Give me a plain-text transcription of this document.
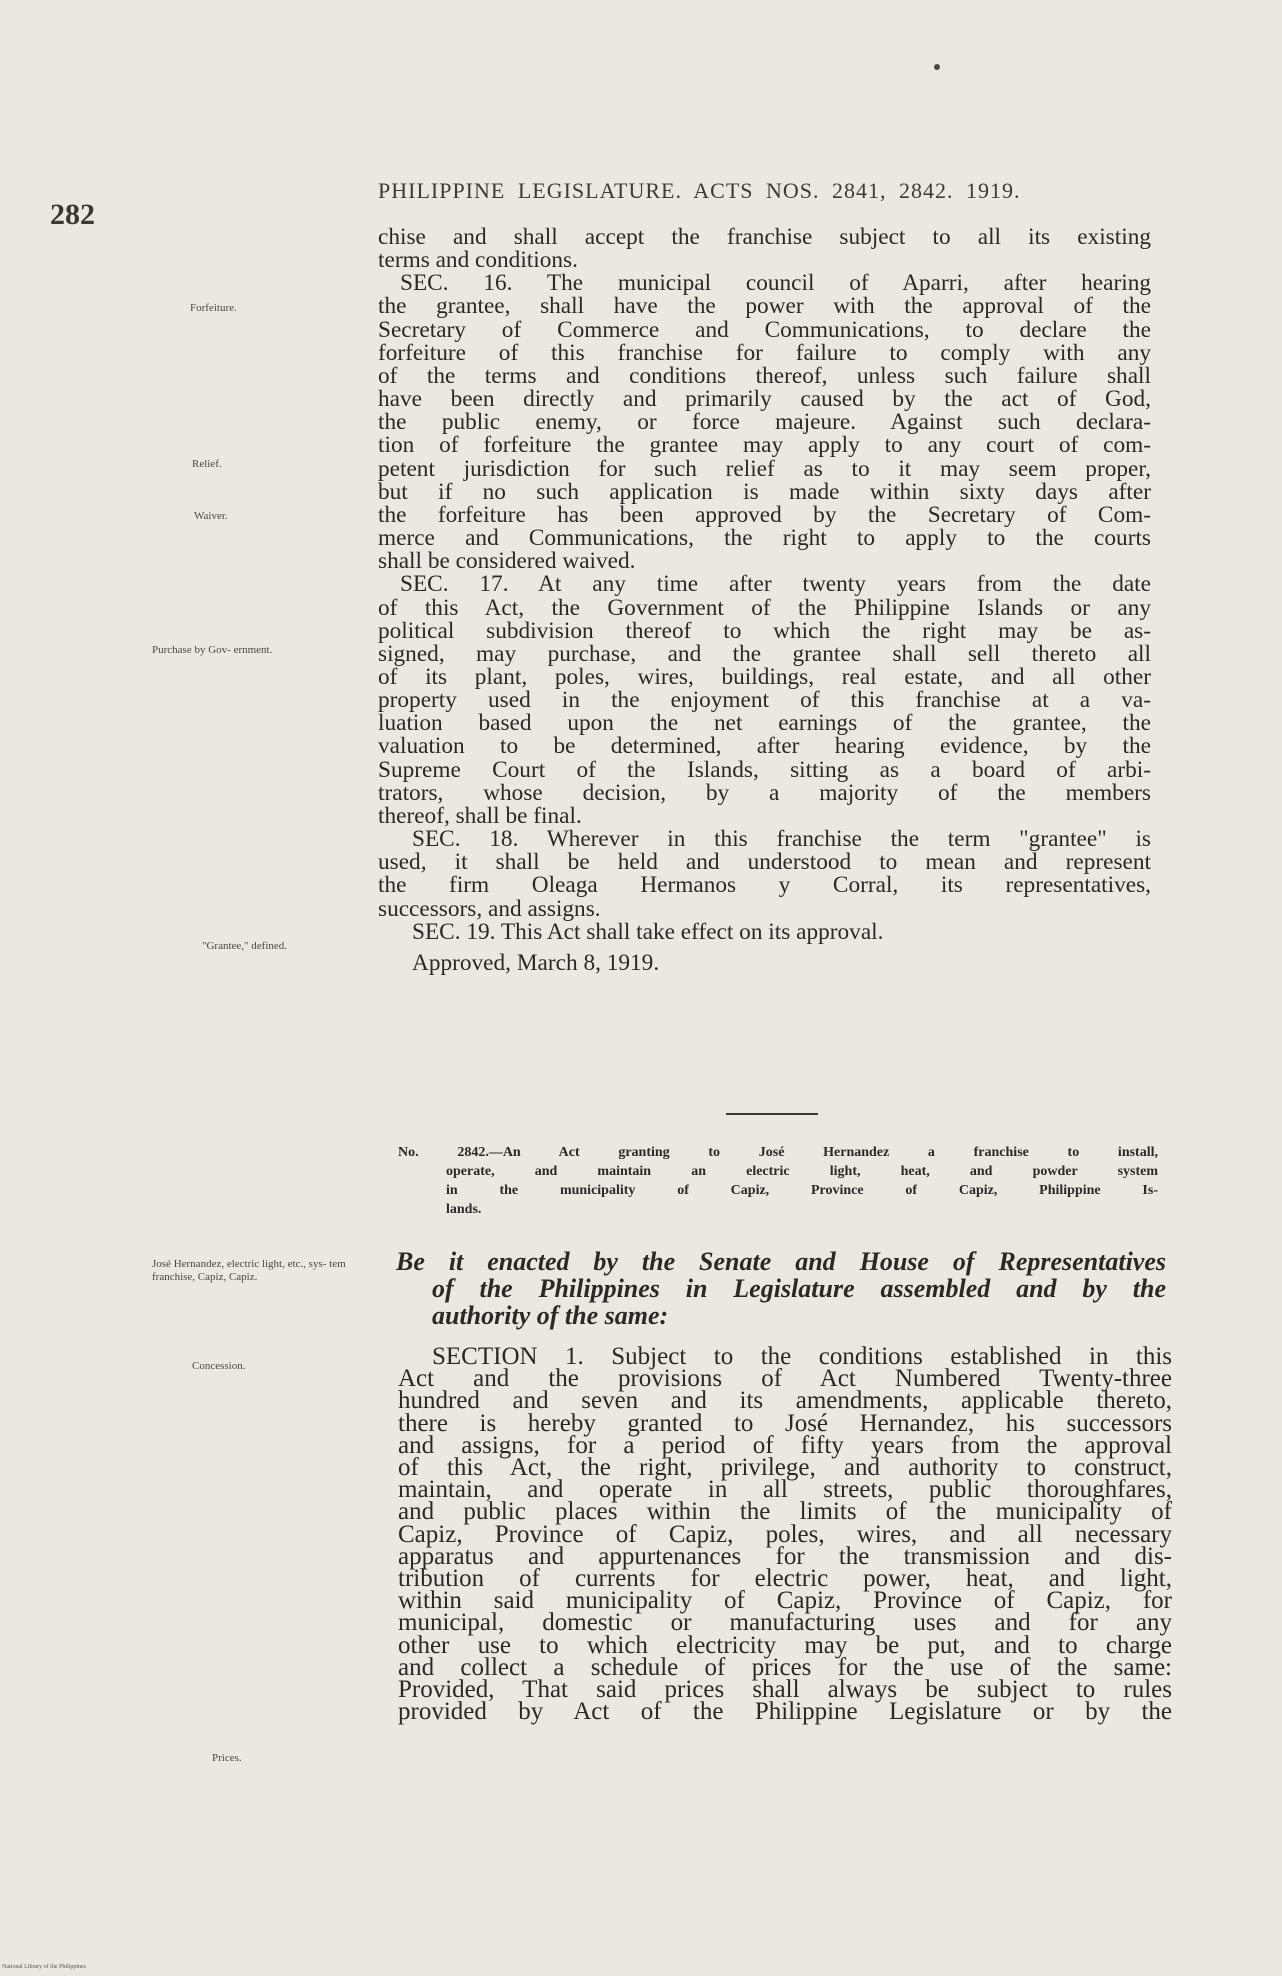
282
PHILIPPINE LEGISLATURE. ACTS NOS. 2841, 2842. 1919.
Forfeiture.
Relief.
Waiver.
Purchase by Gov- ernment.
"Grantee," defined.
José Hernandez, electric light, etc., sys- tem franchise, Capiz, Capiz.
Concession.
Prices.
chise and shall accept the franchise subject to all its existing
terms and conditions.
SEC. 16. The municipal council of Aparri, after hearing
the grantee, shall have the power with the approval of the
Secretary of Commerce and Communications, to declare the
forfeiture of this franchise for failure to comply with any
of the terms and conditions thereof, unless such failure shall
have been directly and primarily caused by the act of God,
the public enemy, or force majeure. Against such declara-
tion of forfeiture the grantee may apply to any court of com-
petent jurisdiction for such relief as to it may seem proper,
but if no such application is made within sixty days after
the forfeiture has been approved by the Secretary of Com-
merce and Communications, the right to apply to the courts
shall be considered waived.
SEC. 17. At any time after twenty years from the date
of this Act, the Government of the Philippine Islands or any
political subdivision thereof to which the right may be as-
signed, may purchase, and the grantee shall sell thereto all
of its plant, poles, wires, buildings, real estate, and all other
property used in the enjoyment of this franchise at a va-
luation based upon the net earnings of the grantee, the
valuation to be determined, after hearing evidence, by the
Supreme Court of the Islands, sitting as a board of arbi-
trators, whose decision, by a majority of the members
thereof, shall be final.
SEC. 18. Wherever in this franchise the term "grantee" is
used, it shall be held and understood to mean and represent
the firm Oleaga Hermanos y Corral, its representatives,
successors, and assigns.
SEC. 19. This Act shall take effect on its approval.
Approved, March 8, 1919.
No. 2842.—An Act granting to José Hernandez a franchise to install,
operate, and maintain an electric light, heat, and powder system
in the municipality of Capiz, Province of Capiz, Philippine Is-
lands.
Be it enacted by the Senate and House of Representatives
of the Philippines in Legislature assembled and by the
authority of the same:
SECTION 1. Subject to the conditions established in this
Act and the provisions of Act Numbered Twenty-three
hundred and seven and its amendments, applicable thereto,
there is hereby granted to José Hernandez, his successors
and assigns, for a period of fifty years from the approval
of this Act, the right, privilege, and authority to construct,
maintain, and operate in all streets, public thoroughfares,
and public places within the limits of the municipality of
Capiz, Province of Capiz, poles, wires, and all necessary
apparatus and appurtenances for the transmission and dis-
tribution of currents for electric power, heat, and light,
within said municipality of Capiz, Province of Capiz, for
municipal, domestic or manufacturing uses and for any
other use to which electricity may be put, and to charge
and collect a schedule of prices for the use of the same:
Provided, That said prices shall always be subject to rules
provided by Act of the Philippine Legislature or by the
National Library of the Philippines
